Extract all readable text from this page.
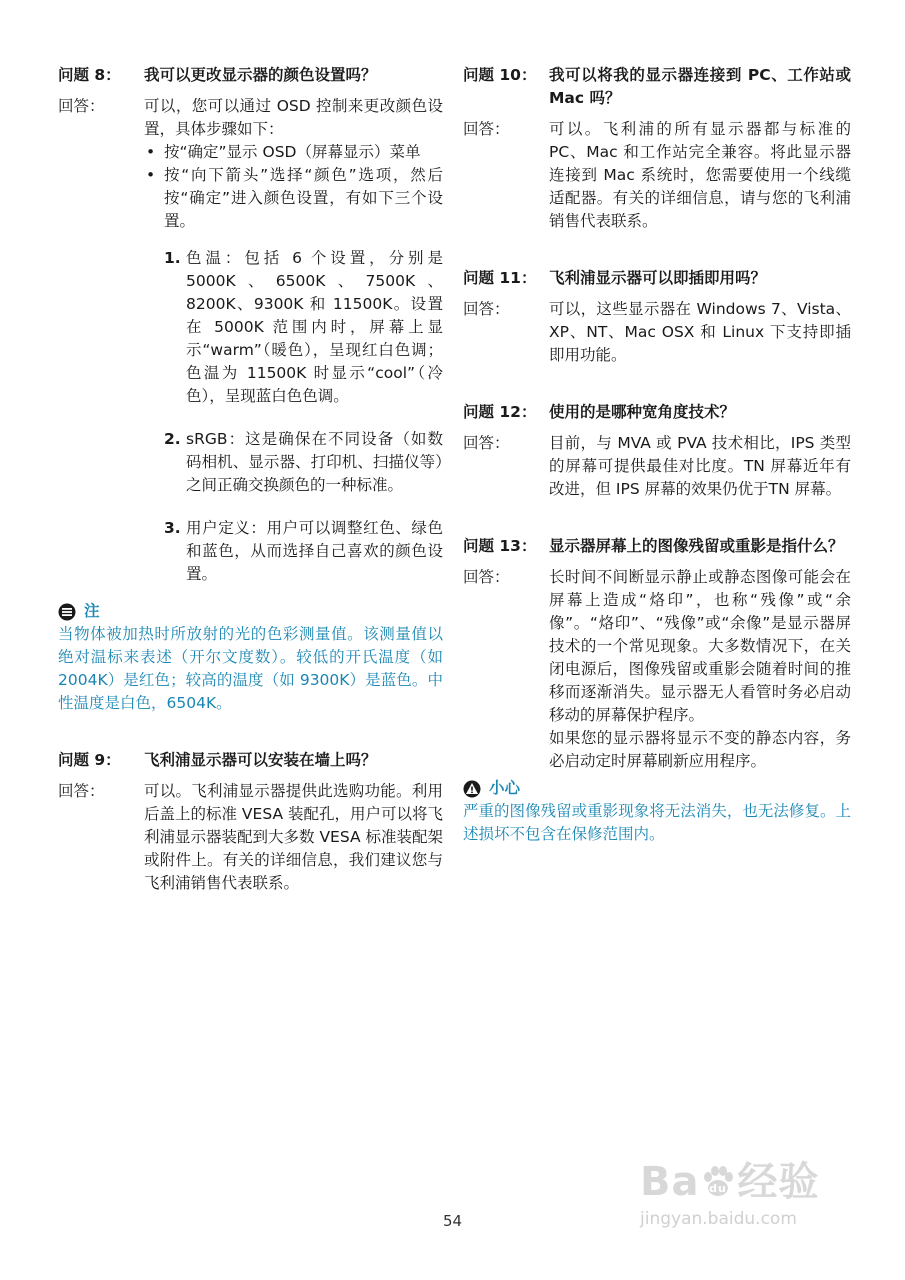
问题 8：	我可以更改显示器的颜色设置吗？
回答：	可以，您可以通过 OSD 控制来更改颜色设置，具体步骤如下：
• 按“确定”显示 OSD（屏幕显示）菜单
• 按“向下箭头”选择“颜色”选项，然后按“确定”进入颜色设置，有如下三个设置。
1. 色温：包括 6 个设置，分别是 5000K、6500K、7500K、8200K、9300K 和 11500K。设置在 5000K 范围内时，屏幕上显示“warm”（暖色），呈现红白色调；色温为 11500K 时显示“cool”（冷色），呈现蓝白色色调。
2. sRGB：这是确保在不同设备（如数码相机、显示器、打印机、扫描仪等）之间正确交换颜色的一种标准。
3. 用户定义：用户可以调整红色、绿色和蓝色，从而选择自己喜欢的颜色设置。
注
当物体被加热时所放射的光的色彩测量值。该测量值以绝对温标来表述（开尔文度数）。较低的开氏温度（如 2004K）是红色；较高的温度（如 9300K）是蓝色。中性温度是白色，6504K。
问题 9：	飞利浦显示器可以安装在墙上吗？
回答：	可以。飞利浦显示器提供此选购功能。利用后盖上的标准 VESA 装配孔，用户可以将飞利浦显示器装配到大多数 VESA 标准装配架或附件上。有关的详细信息，我们建议您与飞利浦销售代表联系。
问题 10： 我可以将我的显示器连接到 PC、工作站或 Mac 吗？
回答：	可以。飞利浦的所有显示器都与标准的 PC、Mac 和工作站完全兼容。将此显示器连接到 Mac 系统时，您需要使用一个线缆适配器。有关的详细信息，请与您的飞利浦销售代表联系。
问题 11： 飞利浦显示器可以即插即用吗？
回答：	可以，这些显示器在 Windows 7、Vista、XP、NT、Mac OSX 和 Linux 下支持即插即用功能。
问题 12： 使用的是哪种宽角度技术？
回答：	目前，与 MVA 或 PVA 技术相比，IPS 类型的屏幕可提供最佳对比度。TN 屏幕近年有改进，但 IPS 屏幕的效果仍优于TN 屏幕。
问题 13： 显示器屏幕上的图像残留或重影是指什么？
回答：	长时间不间断显示静止或静态图像可能会在屏幕上造成“烙印”，也称“残像”或“余像”。“烙印”、“残像”或“余像”是显示器屏技术的一个常见现象。大多数情况下，在关闭电源后，图像残留或重影会随着时间的推移而逐渐消失。显示器无人看管时务必启动移动的屏幕保护程序。
如果您的显示器将显示不变的静态内容，务必启动定时屏幕刷新应用程序。
小心
严重的图像残留或重影现象将无法消失，也无法修复。上述损坏不包含在保修范围内。
54
Ba du 经验
jingyan.baidu.com
